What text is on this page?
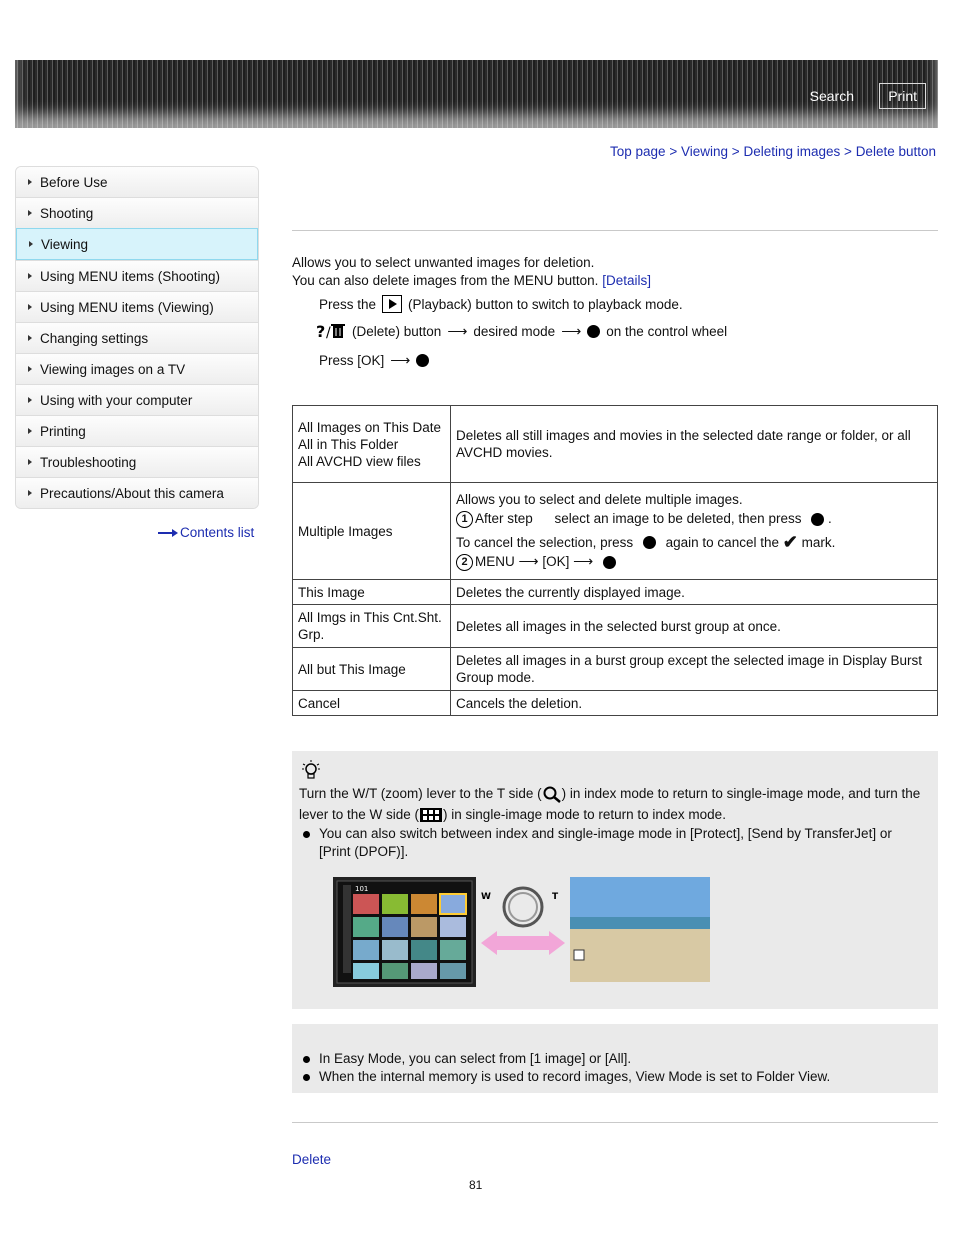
Search	Print
Top page > Viewing > Deleting images > Delete button
Before Use
Shooting
Viewing
Using MENU items (Shooting)
Using MENU items (Viewing)
Changing settings
Viewing images on a TV
Using with your computer
Printing
Troubleshooting
Precautions/About this camera
Contents list
Allows you to select unwanted images for deletion.
You can also delete images from the MENU button. [Details]
Press the (Playback) button to switch to playback mode.
? / (Delete) button ⟶ desired mode ⟶ on the control wheel
Press [OK] ⟶
All Images on This Date
All in This Folder
All AVCHD view files	Deletes all still images and movies in the selected date range or folder, or all AVCHD movies.
Multiple Images	Allows you to select and delete multiple images.
1 After step select an image to be deleted, then press  .
To cancel the selection, press again to cancel the ✔ mark.
2 MENU ⟶ [OK] ⟶

This Image	Deletes the currently displayed image.
All Imgs in This Cnt.Sht. Grp.	Deletes all images in the selected burst group at once.
All but This Image	Deletes all images in a burst group except the selected image in Display Burst Group mode.
Cancel	Cancels the deletion.
Turn the W/T (zoom) lever to the T side ( ) in index mode to return to single-image mode, and turn the lever to the W side ( ) in single-image mode to return to index mode.
You can also switch between index and single-image mode in [Protect], [Send by TransferJet] or [Print (DPOF)].
101
W	T
In Easy Mode, you can select from [1 image] or [All].
When the internal memory is used to record images, View Mode is set to Folder View.
Delete
81
